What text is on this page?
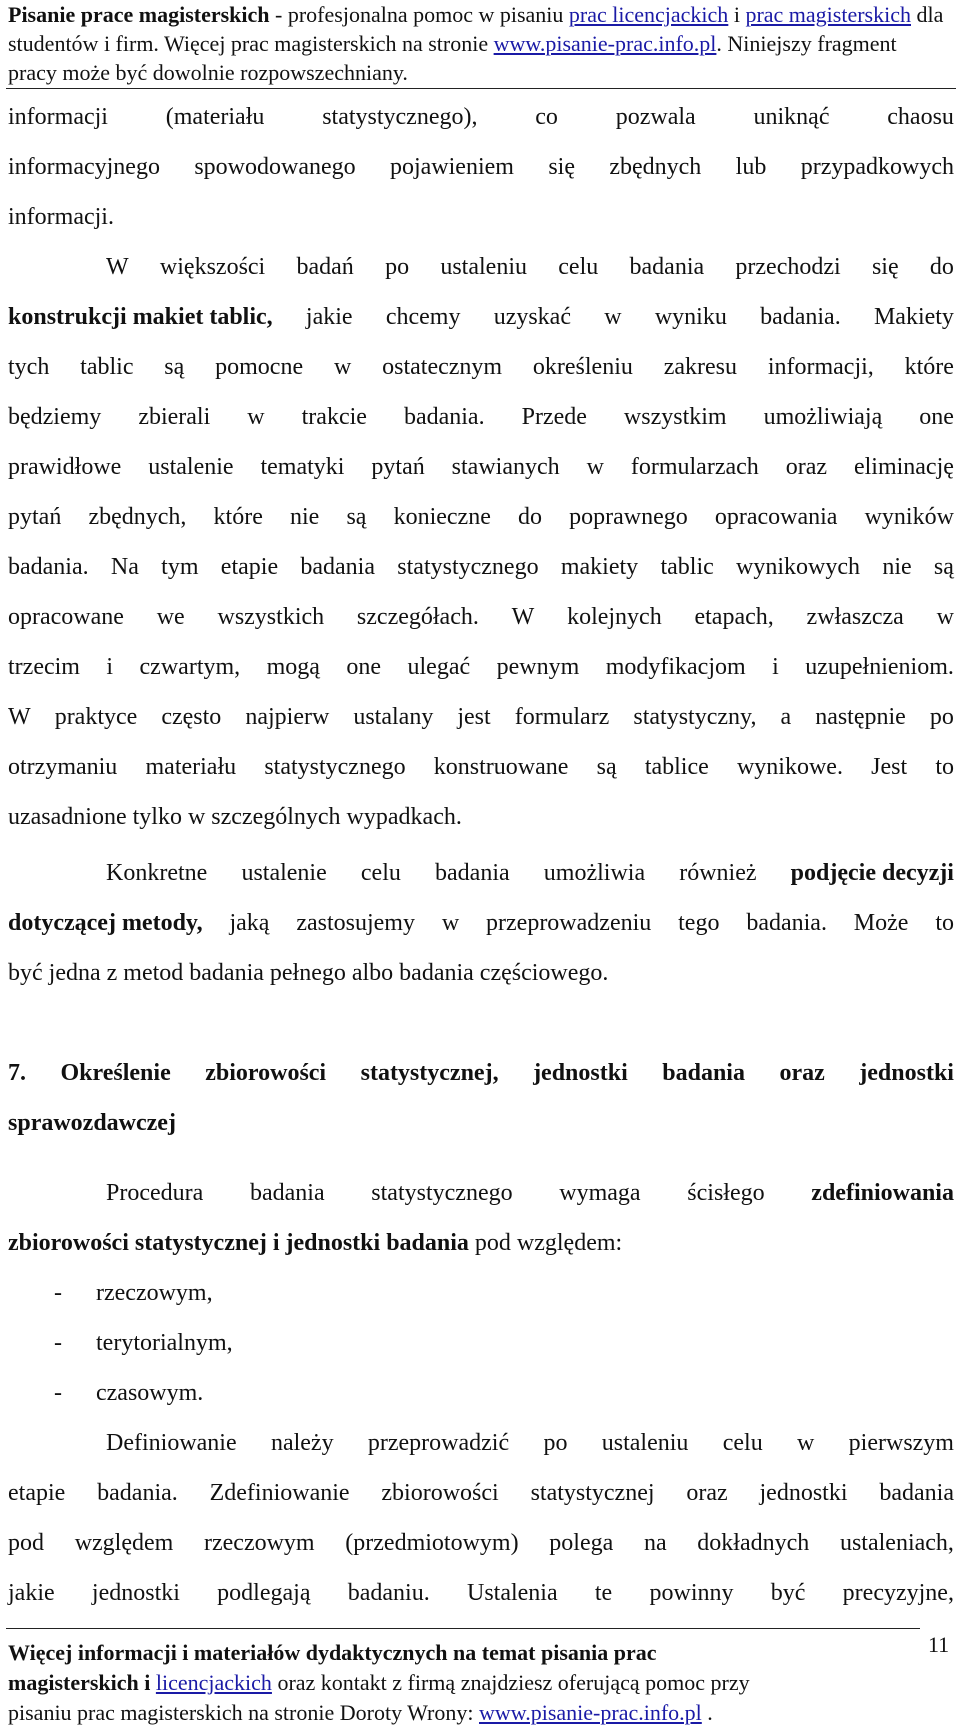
Pisanie prace magisterskich - profesjonalna pomoc w pisaniu prac licencjackich i prac magisterskich dla studentów i firm. Więcej prac magisterskich na stronie www.pisanie-prac.info.pl. Niniejszy fragment pracy może być dowolnie rozpowszechniany.
informacji (materiału statystycznego), co pozwala uniknąć chaosu
informacyjnego spowodowanego pojawieniem się zbędnych lub przypadkowych
informacji.
W większości badań po ustaleniu celu badania przechodzi się do
konstrukcji makiet tablic, jakie chcemy uzyskać w wyniku badania. Makiety
tych tablic są pomocne w ostatecznym określeniu zakresu informacji, które
będziemy zbierali w trakcie badania. Przede wszystkim umożliwiają one
prawidłowe ustalenie tematyki pytań stawianych w formularzach oraz eliminację
pytań zbędnych, które nie są konieczne do poprawnego opracowania wyników
badania. Na tym etapie badania statystycznego makiety tablic wynikowych nie są
opracowane we wszystkich szczegółach. W kolejnych etapach, zwłaszcza w
trzecim i czwartym, mogą one ulegać pewnym modyfikacjom i uzupełnieniom.
W praktyce często najpierw ustalany jest formularz statystyczny, a następnie po
otrzymaniu materiału statystycznego konstruowane są tablice wynikowe. Jest to
uzasadnione tylko w szczególnych wypadkach.
Konkretne ustalenie celu badania umożliwia również podjęcie decyzji
dotyczącej metody, jaką zastosujemy w przeprowadzeniu tego badania. Może to
być jedna z metod badania pełnego albo badania częściowego.
7. Określenie zbiorowości statystycznej, jednostki badania oraz jednostki
sprawozdawczej
Procedura badania statystycznego wymaga ścisłego zdefiniowania
zbiorowości statystycznej i jednostki badania pod względem:
- rzeczowym,
- terytorialnym,
- czasowym.
Definiowanie należy przeprowadzić po ustaleniu celu w pierwszym
etapie badania. Zdefiniowanie zbiorowości statystycznej oraz jednostki badania
pod względem rzeczowym (przedmiotowym) polega na dokładnych ustaleniach,
jakie jednostki podlegają badaniu. Ustalenia te powinny być precyzyjne,
11
Więcej informacji i materiałów dydaktycznych na temat pisania prac
magisterskich i licencjackich oraz kontakt z firmą znajdziesz oferującą pomoc przy
pisaniu prac magisterskich na stronie Doroty Wrony: www.pisanie-prac.info.pl .
